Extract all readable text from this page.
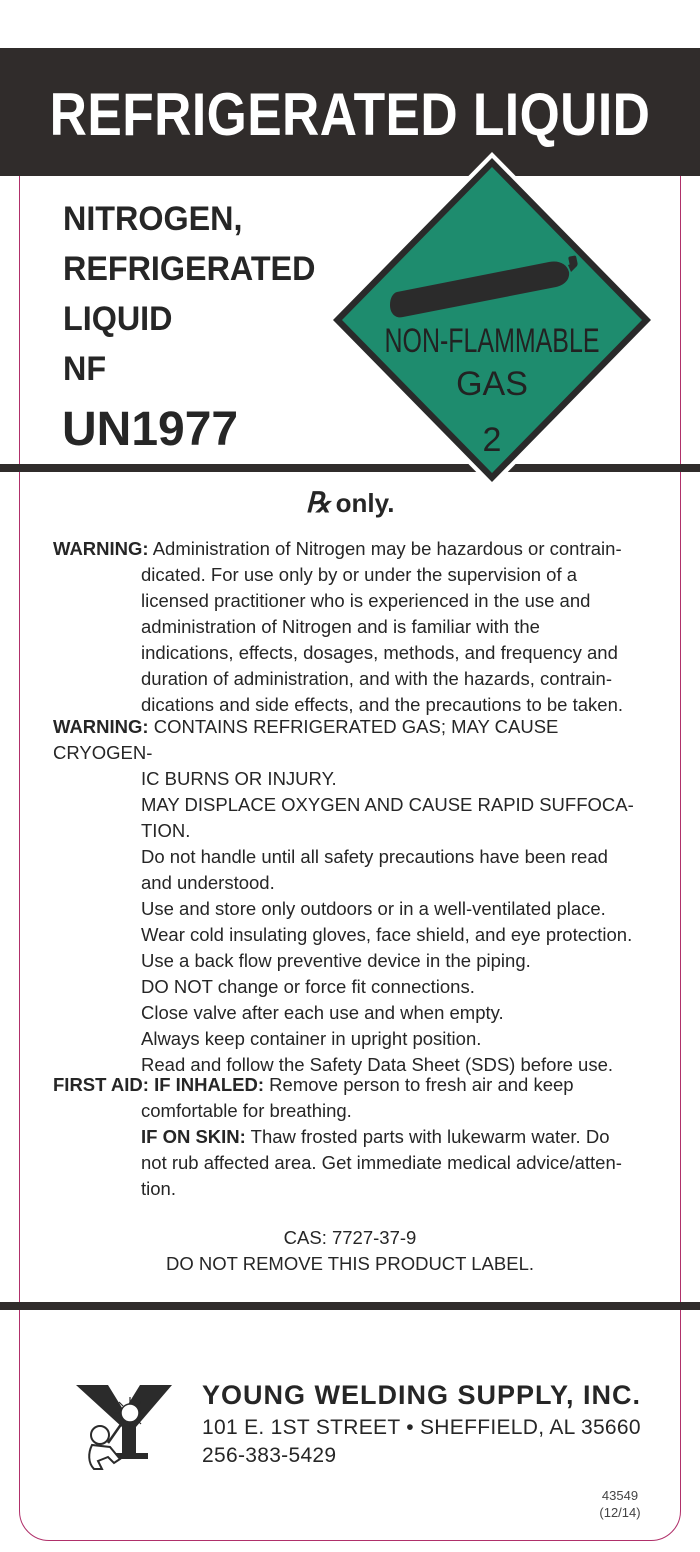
REFRIGERATED LIQUID
NITROGEN,
REFRIGERATED
LIQUID
NF
UN1977
NON-FLAMMABLE
GAS
2
℞ only.
WARNING: Administration of Nitrogen may be hazardous or contrain-
dicated. For use only by or under the supervision of a
licensed practitioner who is experienced in the use and
administration of Nitrogen and is familiar with the
indications, effects, dosages, methods, and frequency and
duration of administration, and with the hazards, contrain-
dications and side effects, and the precautions to be taken.
WARNING: CONTAINS REFRIGERATED GAS; MAY CAUSE CRYOGEN-
IC BURNS OR INJURY.
MAY DISPLACE OXYGEN AND CAUSE RAPID SUFFOCA-
TION.
Do not handle until all safety precautions have been read
and understood.
Use and store only outdoors or in a well-ventilated place.
Wear cold insulating gloves, face shield, and eye protection.
Use a back flow preventive device in the piping.
DO NOT change or force fit connections.
Close valve after each use and when empty.
Always keep container in upright position.
Read and follow the Safety Data Sheet (SDS) before use.
FIRST AID: IF INHALED: Remove person to fresh air and keep
comfortable for breathing.
IF ON SKIN: Thaw frosted parts with lukewarm water. Do
not rub affected area. Get immediate medical advice/atten-
tion.
CAS: 7727-37-9
DO NOT REMOVE THIS PRODUCT LABEL.
YOUNG WELDING SUPPLY, INC.
101 E. 1ST STREET • SHEFFIELD, AL 35660
256-383-5429
43549
(12/14)
